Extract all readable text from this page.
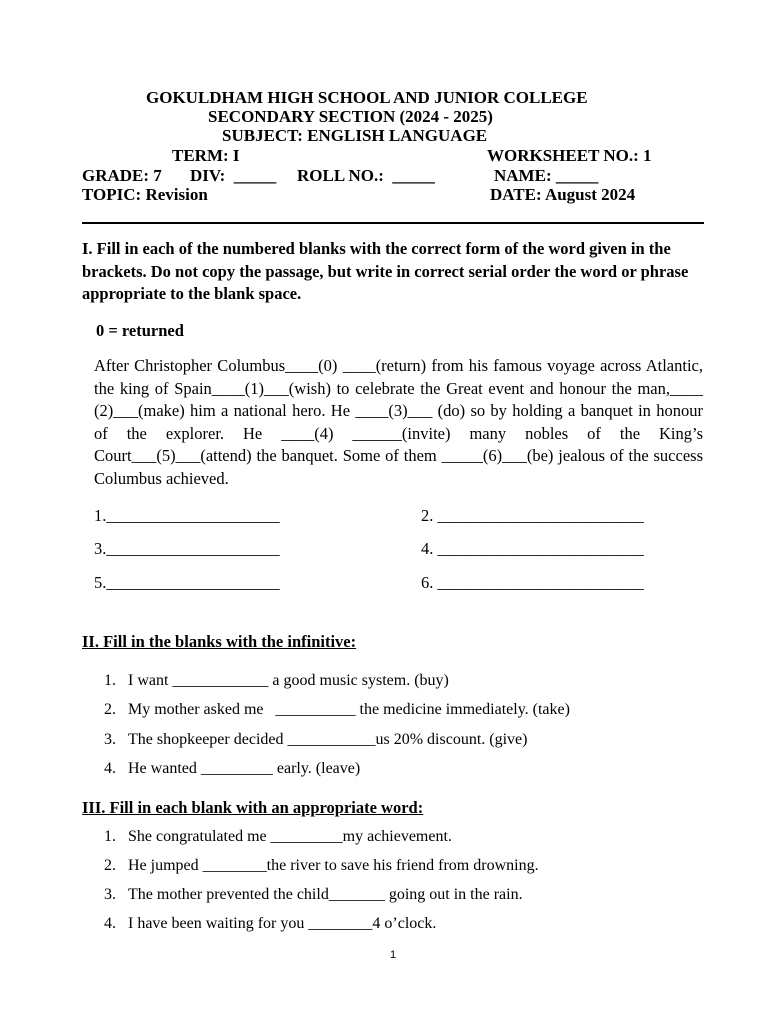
GOKULDHAM HIGH SCHOOL AND JUNIOR COLLEGE
SECONDARY SECTION (2024 - 2025)
SUBJECT: ENGLISH LANGUAGE
TERM: I	WORKSHEET NO.: 1
GRADE: 7 DIV:  _____ ROLL NO.:  _____	NAME: _____
TOPIC: Revision	DATE: August 2024
I. Fill in each of the numbered blanks with the correct form of the word given in the brackets. Do not copy the passage, but write in correct serial order the word or phrase appropriate to the blank space.
0 = returned
After Christopher Columbus____(0) ____(return) from his famous voyage across Atlantic, the king of Spain____(1)___(wish) to celebrate the Great event and honour the man,____ (2)___(make) him a national hero. He ____(3)___ (do) so by holding a banquet in honour of the explorer. He ____(4) ______(invite) many nobles of the King’s Court___(5)___(attend) the banquet. Some of them _____(6)___(be) jealous of the success Columbus achieved.
1._____________________	2. _________________________
3._____________________	4. _________________________
5._____________________	6. _________________________
II. Fill in the blanks with the infinitive:
1. I want ____________ a good music system. (buy)
2. My mother asked me   __________ the medicine immediately. (take)
3. The shopkeeper decided ___________us 20% discount. (give)
4. He wanted _________ early. (leave)
III. Fill in each blank with an appropriate word:
1. She congratulated me _________my achievement.
2. He jumped ________the river to save his friend from drowning.
3. The mother prevented the child_______ going out in the rain.
4. I have been waiting for you ________4 o’clock.
1
